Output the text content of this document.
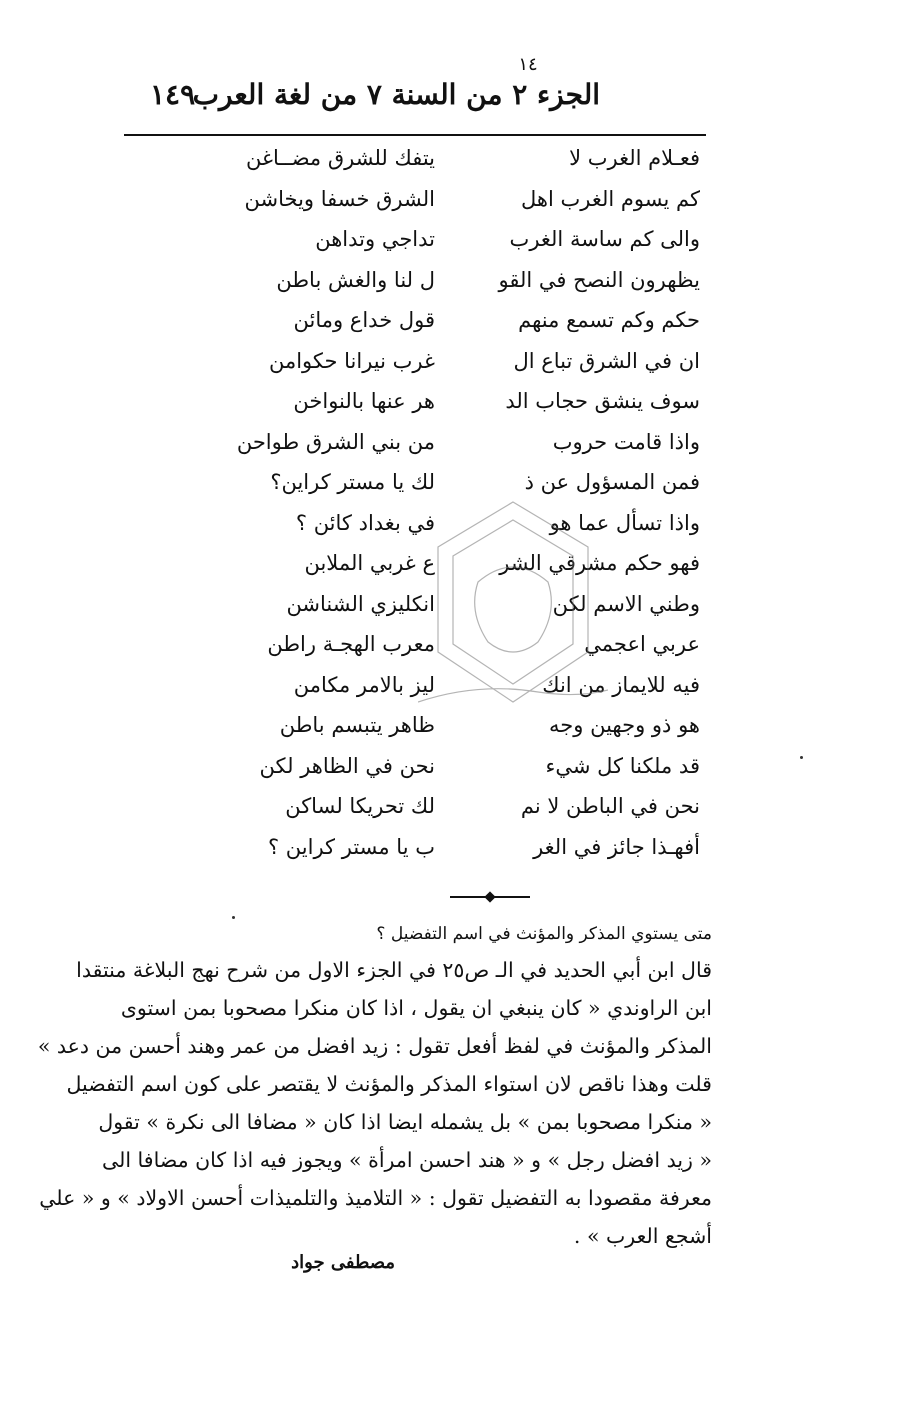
١٤
الجزء ٢ من السنة ٧ من لغة العرب
١٤٩
فعـلام الغرب لا
يتفك للشرق مضــاغن
كم يسوم الغرب اهل
الشرق خسفا ويخاشن
والى كم ساسة الغرب
تداجي وتداهن
يظهرون النصح في القو
ل لنا والغش باطن
حكم وكم تسمع منهم
قول خداع ومائن
ان في الشرق تباع ال
غرب نيرانا حكوامن
سوف ينشق حجاب الد
هر عنها بالنواخن
واذا قامت حروب
من بني الشرق طواحن
فمن المسؤول عن ذ
لك يا مستر كراين؟
واذا تسأل عما هو
في بغداد كائن ؟
فهو حكم مشرقي الشر
ع غربي الملابن
وطني الاسم لكن
انكليزي الشناشن
عربي اعجمي
معرب الهجـة راطن
فيه للايماز من انك
ليز بالامر مكامن
هو ذو وجهين وجه
ظاهر يتبسم باطن
قد ملكنا كل شيء
نحن في الظاهر لكن
نحن في الباطن لا نم
لك تحريكا لساكن
أفهـذا جائز في الغر
ب يا مستر كراين ؟
متى يستوي المذكر والمؤنث في اسم التفضيل ؟
قال ابن أبي الحديد في الـ ص٢٥ في الجزء الاول من شرح نهج البلاغة منتقدا
ابن الراوندي « كان ينبغي ان يقول ، اذا كان منكرا مصحوبا بمن استوى
المذكر والمؤنث في لفظ أفعل تقول : زيد افضل من عمر وهند أحسن من دعد »
قلت وهذا ناقص لان استواء المذكر والمؤنث لا يقتصر على كون اسم التفضيل
« منكرا مصحوبا بمن » بل يشمله ايضا اذا كان « مضافا الى نكرة » تقول
« زيد افضل رجل » و « هند احسن امرأة » ويجوز فيه اذا كان مضافا الى
معرفة مقصودا به التفضيل تقول : « التلاميذ والتلميذات أحسن الاولاد » و « علي
أشجع العرب » .
مصطفى جواد
